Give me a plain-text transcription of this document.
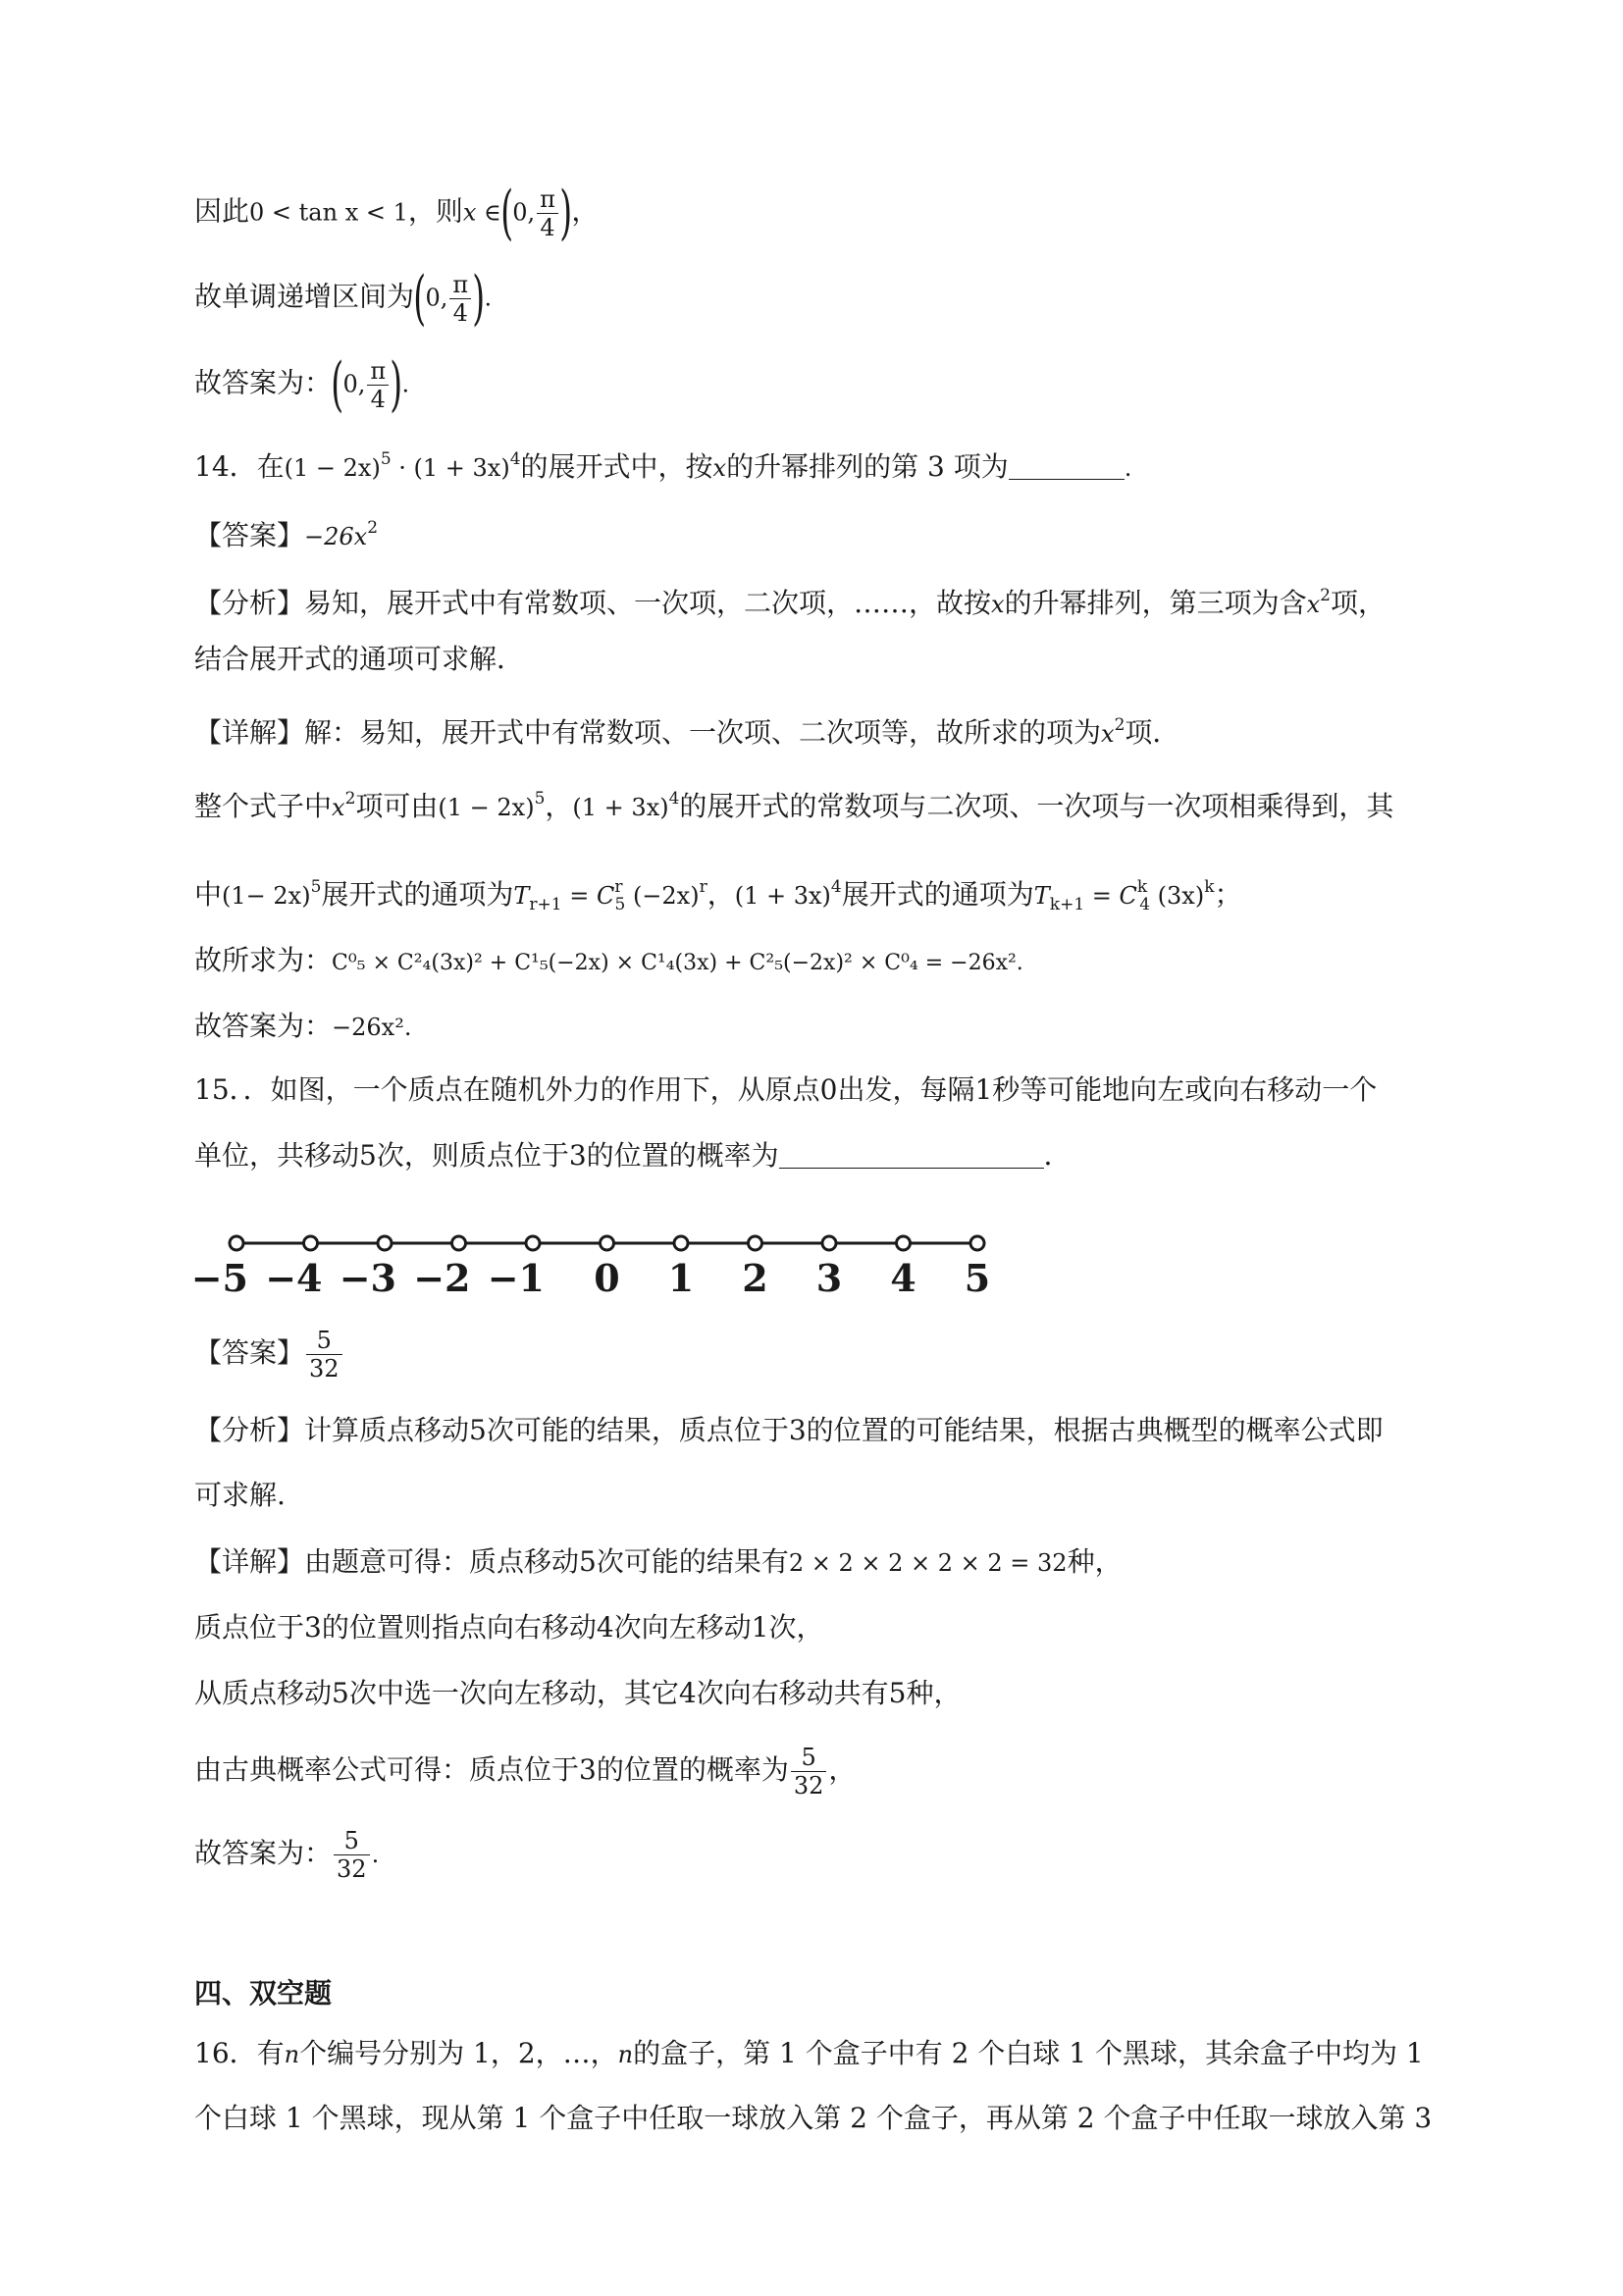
因此0 < tan x < 1，则x ∈(0, $\frac{\pi}{4}$ )，
故单调递增区间为(0, $\frac{\pi}{4}$ ).
故答案为：(0, $\frac{\pi}{4}$ ).
14．在$(1 - 2x)^5 \cdot (1 + 3x)^4$的展开式中，按x的升幂排列的第 3 项为	.
【答案】$-26x^2$
【分析】易知，展开式中有常数项、一次项，二次项，……，故按x的升幂排列，第三项为含$x^2$项，
结合展开式的通项可求解．
【详解】解：易知，展开式中有常数项、一次项、二次项等，故所求的项为$x^2$项．
整个式子中$x^2$项可由$(1 - 2x)^5$，$(1 + 3x)^4$的展开式的常数项与二次项、一次项与一次项相乘得到，其
中$(1- 2x)^5$展开式的通项为$T_{r+1} = C^r_5$ $(-2x)^r$，$(1 + 3x)^4$展开式的通项为$T_{k+1} = C^k_4$ $(3x)^k$；
故所求为：C⁰₅ × C²₄(3x)² + C¹₅(−2x) × C¹₄(3x) + C²₅(−2x)² × C⁰₄ = −26x².
故答案为：−26x².
15．．如图，一个质点在随机外力的作用下，从原点0出发，每隔1秒等可能地向左或向右移动一个
单位，共移动5次，则质点位于3的位置的概率为	．
−5 −4 −3 −2 −1 0 1 2 3 4 5
【答案】 $\frac{5}{32}$
【分析】计算质点移动5次可能的结果，质点位于3的位置的可能结果，根据古典概型的概率公式即
可求解.
【详解】由题意可得：质点移动5次可能的结果有2 × 2 × 2 × 2 × 2 = 32种，
质点位于3的位置则指点向右移动4次向左移动1次，
从质点移动5次中选一次向左移动，其它4次向右移动共有5种，
由古典概率公式可得：质点位于3的位置的概率为 $\frac{5}{32}$ ，
故答案为： $\frac{5}{32}$ .
四、双空题
16．有n个编号分别为 1，2，…，n的盒子，第 1 个盒子中有 2 个白球 1 个黑球，其余盒子中均为 1
个白球 1 个黑球，现从第 1 个盒子中任取一球放入第 2 个盒子，再从第 2 个盒子中任取一球放入第 3
